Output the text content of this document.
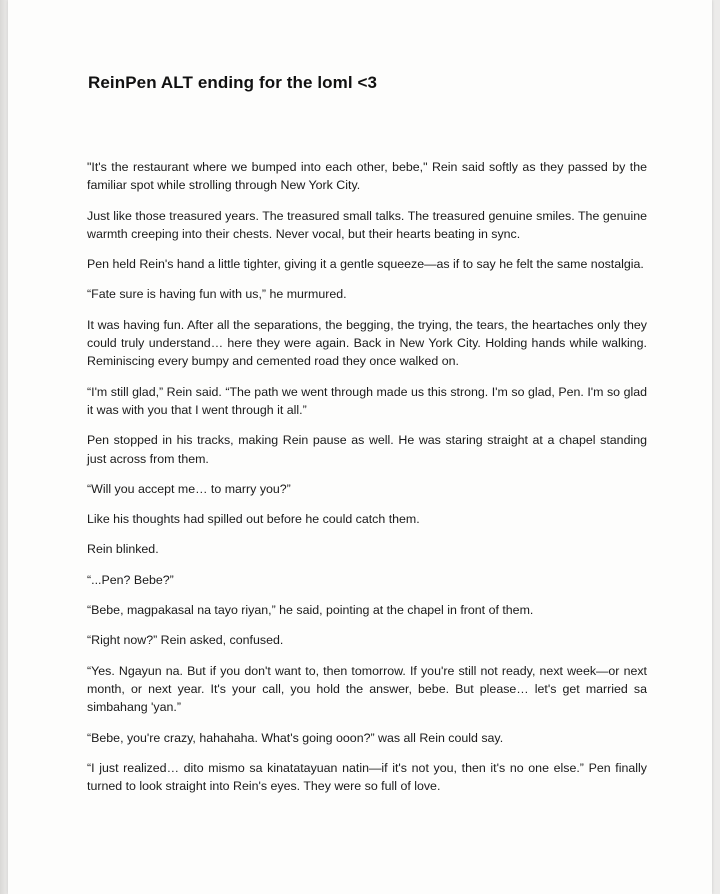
ReinPen ALT ending for the loml <3

"It's the restaurant where we bumped into each other, bebe," Rein said softly as they passed by the familiar spot while strolling through New York City.

Just like those treasured years. The treasured small talks. The treasured genuine smiles. The genuine warmth creeping into their chests. Never vocal, but their hearts beating in sync.

Pen held Rein's hand a little tighter, giving it a gentle squeeze—as if to say he felt the same nostalgia.

“Fate sure is having fun with us,” he murmured.

It was having fun. After all the separations, the begging, the trying, the tears, the heartaches only they could truly understand… here they were again. Back in New York City. Holding hands while walking. Reminiscing every bumpy and cemented road they once walked on.

“I'm still glad,” Rein said. “The path we went through made us this strong. I'm so glad, Pen. I'm so glad it was with you that I went through it all.”

Pen stopped in his tracks, making Rein pause as well. He was staring straight at a chapel standing just across from them.

“Will you accept me… to marry you?”

Like his thoughts had spilled out before he could catch them.

Rein blinked.

“...Pen? Bebe?”

“Bebe, magpakasal na tayo riyan,” he said, pointing at the chapel in front of them.

“Right now?” Rein asked, confused.

“Yes. Ngayun na. But if you don't want to, then tomorrow. If you're still not ready, next week—or next month, or next year. It's your call, you hold the answer, bebe. But please… let's get married sa simbahang 'yan.”

“Bebe, you're crazy, hahahaha. What's going ooon?” was all Rein could say.

“I just realized… dito mismo sa kinatatayuan natin—if it's not you, then it's no one else.” Pen finally turned to look straight into Rein's eyes. They were so full of love.
